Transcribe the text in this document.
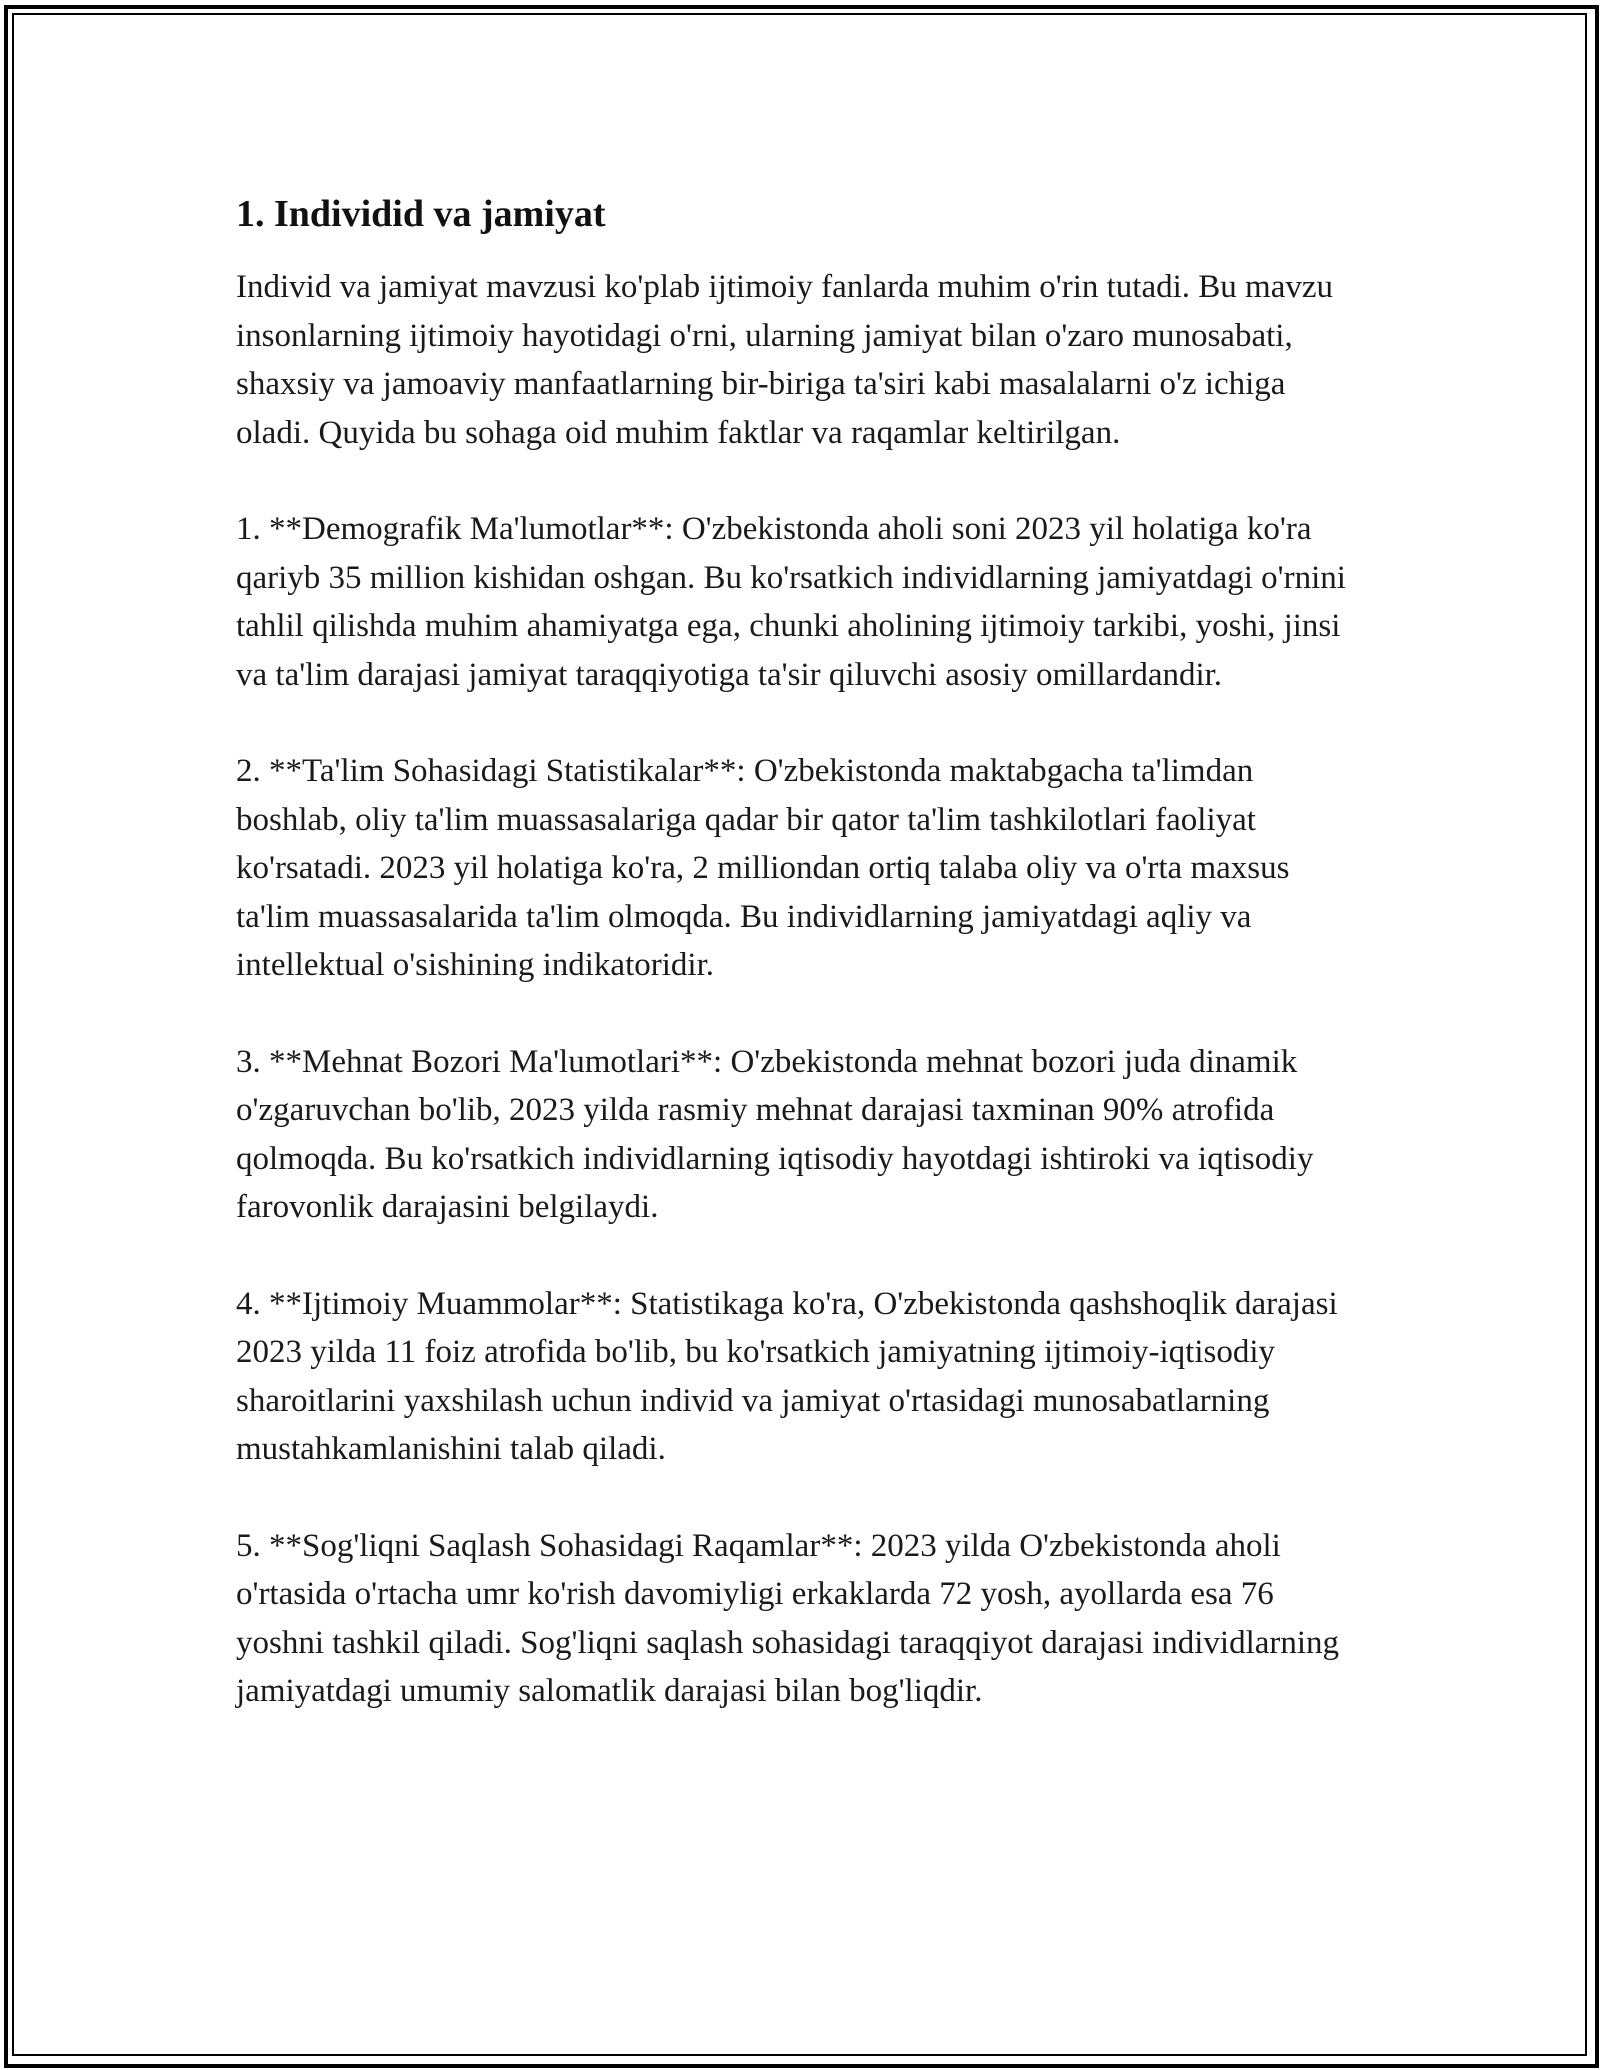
1. Individid va jamiyat

Individ va jamiyat mavzusi ko'plab ijtimoiy fanlarda muhim o'rin tutadi. Bu mavzu insonlarning ijtimoiy hayotidagi o'rni, ularning jamiyat bilan o'zaro munosabati, shaxsiy va jamoaviy manfaatlarning bir-biriga ta'siri kabi masalalarni o'z ichiga oladi. Quyida bu sohaga oid muhim faktlar va raqamlar keltirilgan.

1. **Demografik Ma'lumotlar**: O'zbekistonda aholi soni 2023 yil holatiga ko'ra qariyb 35 million kishidan oshgan. Bu ko'rsatkich individlarning jamiyatdagi o'rnini tahlil qilishda muhim ahamiyatga ega, chunki aholining ijtimoiy tarkibi, yoshi, jinsi va ta'lim darajasi jamiyat taraqqiyotiga ta'sir qiluvchi asosiy omillardandir.

2. **Ta'lim Sohasidagi Statistikalar**: O'zbekistonda maktabgacha ta'limdan boshlab, oliy ta'lim muassasalariga qadar bir qator ta'lim tashkilotlari faoliyat ko'rsatadi. 2023 yil holatiga ko'ra, 2 milliondan ortiq talaba oliy va o'rta maxsus ta'lim muassasalarida ta'lim olmoqda. Bu individlarning jamiyatdagi aqliy va intellektual o'sishining indikatoridir.

3. **Mehnat Bozori Ma'lumotlari**: O'zbekistonda mehnat bozori juda dinamik o'zgaruvchan bo'lib, 2023 yilda rasmiy mehnat darajasi taxminan 90% atrofida qolmoqda. Bu ko'rsatkich individlarning iqtisodiy hayotdagi ishtiroki va iqtisodiy farovonlik darajasini belgilaydi.

4. **Ijtimoiy Muammolar**: Statistikaga ko'ra, O'zbekistonda qashshoqlik darajasi 2023 yilda 11 foiz atrofida bo'lib, bu ko'rsatkich jamiyatning ijtimoiy-iqtisodiy sharoitlarini yaxshilash uchun individ va jamiyat o'rtasidagi munosabatlarning mustahkamlanishini talab qiladi.

5. **Sog'liqni Saqlash Sohasidagi Raqamlar**: 2023 yilda O'zbekistonda aholi o'rtasida o'rtacha umr ko'rish davomiyligi erkaklarda 72 yosh, ayollarda esa 76 yoshni tashkil qiladi. Sog'liqni saqlash sohasidagi taraqqiyot darajasi individlarning jamiyatdagi umumiy salomatlik darajasi bilan bog'liqdir.
